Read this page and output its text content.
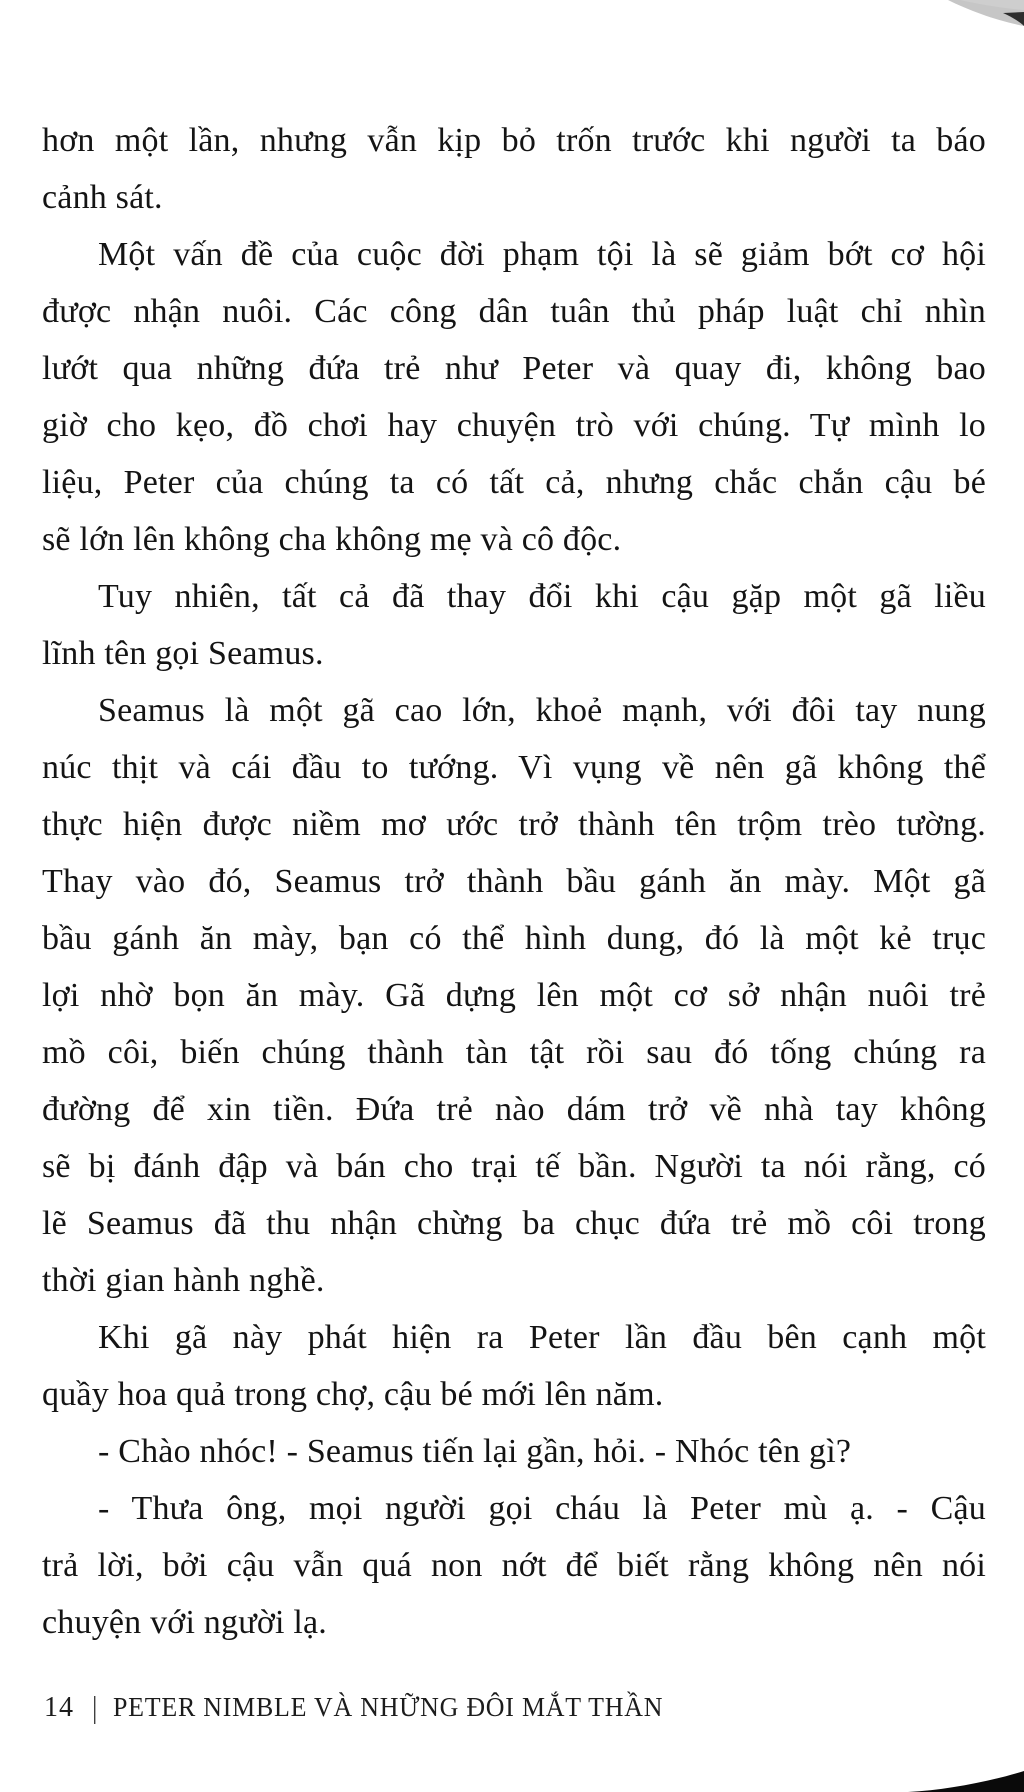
hơn một lần, nhưng vẫn kịp bỏ trốn trước khi người ta báo
cảnh sát.
Một vấn đề của cuộc đời phạm tội là sẽ giảm bớt cơ hội
được nhận nuôi. Các công dân tuân thủ pháp luật chỉ nhìn
lướt qua những đứa trẻ như Peter và quay đi, không bao
giờ cho kẹo, đồ chơi hay chuyện trò với chúng. Tự mình lo
liệu, Peter của chúng ta có tất cả, nhưng chắc chắn cậu bé
sẽ lớn lên không cha không mẹ và cô độc.
Tuy nhiên, tất cả đã thay đổi khi cậu gặp một gã liều
lĩnh tên gọi Seamus.
Seamus là một gã cao lớn, khoẻ mạnh, với đôi tay nung
núc thịt và cái đầu to tướng. Vì vụng về nên gã không thể
thực hiện được niềm mơ ước trở thành tên trộm trèo tường.
Thay vào đó, Seamus trở thành bầu gánh ăn mày. Một gã
bầu gánh ăn mày, bạn có thể hình dung, đó là một kẻ trục
lợi nhờ bọn ăn mày. Gã dựng lên một cơ sở nhận nuôi trẻ
mồ côi, biến chúng thành tàn tật rồi sau đó tống chúng ra
đường để xin tiền. Đứa trẻ nào dám trở về nhà tay không
sẽ bị đánh đập và bán cho trại tế bần. Người ta nói rằng, có
lẽ Seamus đã thu nhận chừng ba chục đứa trẻ mồ côi trong
thời gian hành nghề.
Khi gã này phát hiện ra Peter lần đầu bên cạnh một
quầy hoa quả trong chợ, cậu bé mới lên năm.
- Chào nhóc! - Seamus tiến lại gần, hỏi. - Nhóc tên gì?
- Thưa ông, mọi người gọi cháu là Peter mù ạ. - Cậu
trả lời, bởi cậu vẫn quá non nớt để biết rằng không nên nói
chuyện với người lạ.
14 | PETER NIMBLE VÀ NHỮNG ĐÔI MẮT THẦN
